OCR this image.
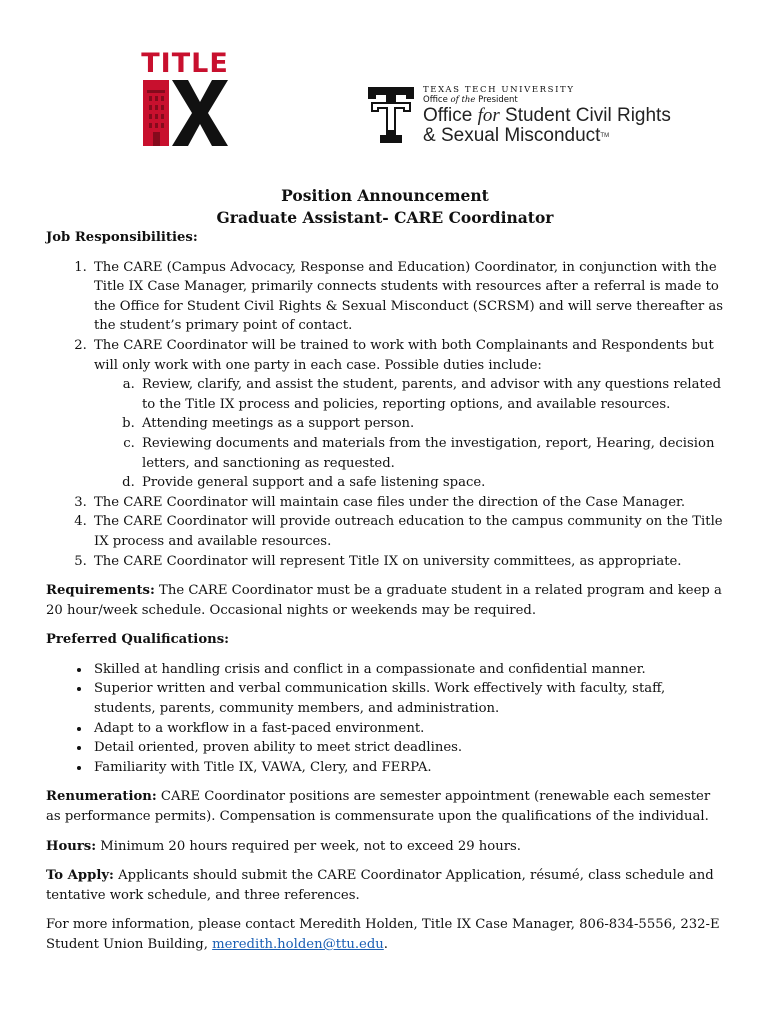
TITLE
TEXAS TECH UNIVERSITY
Office of the President
Office for Student Civil Rights
& Sexual Misconduct™
Position Announcement
Graduate Assistant- CARE Coordinator

Job Responsibilities:

1. The CARE (Campus Advocacy, Response and Education) Coordinator, in conjunction with the Title IX Case Manager, primarily connects students with resources after a referral is made to the Office for Student Civil Rights & Sexual Misconduct (SCRSM) and will serve thereafter as the student’s primary point of contact.
2. The CARE Coordinator will be trained to work with both Complainants and Respondents but will only work with one party in each case. Possible duties include:
a. Review, clarify, and assist the student, parents, and advisor with any questions related to the Title IX process and policies, reporting options, and available resources.
b. Attending meetings as a support person.
c. Reviewing documents and materials from the investigation, report, Hearing, decision letters, and sanctioning as requested.
d. Provide general support and a safe listening space.
3. The CARE Coordinator will maintain case files under the direction of the Case Manager.
4. The CARE Coordinator will provide outreach education to the campus community on the Title IX process and available resources.
5. The CARE Coordinator will represent Title IX on university committees, as appropriate.

Requirements: The CARE Coordinator must be a graduate student in a related program and keep a 20 hour/week schedule. Occasional nights or weekends may be required.

Preferred Qualifications:

• Skilled at handling crisis and conflict in a compassionate and confidential manner.
• Superior written and verbal communication skills. Work effectively with faculty, staff, students, parents, community members, and administration.
• Adapt to a workflow in a fast-paced environment.
• Detail oriented, proven ability to meet strict deadlines.
• Familiarity with Title IX, VAWA, Clery, and FERPA.

Renumeration: CARE Coordinator positions are semester appointment (renewable each semester as performance permits). Compensation is commensurate upon the qualifications of the individual.

Hours: Minimum 20 hours required per week, not to exceed 29 hours.

To Apply: Applicants should submit the CARE Coordinator Application, résumé, class schedule and tentative work schedule, and three references.

For more information, please contact Meredith Holden, Title IX Case Manager, 806-834-5556, 232-E Student Union Building, meredith.holden@ttu.edu.
